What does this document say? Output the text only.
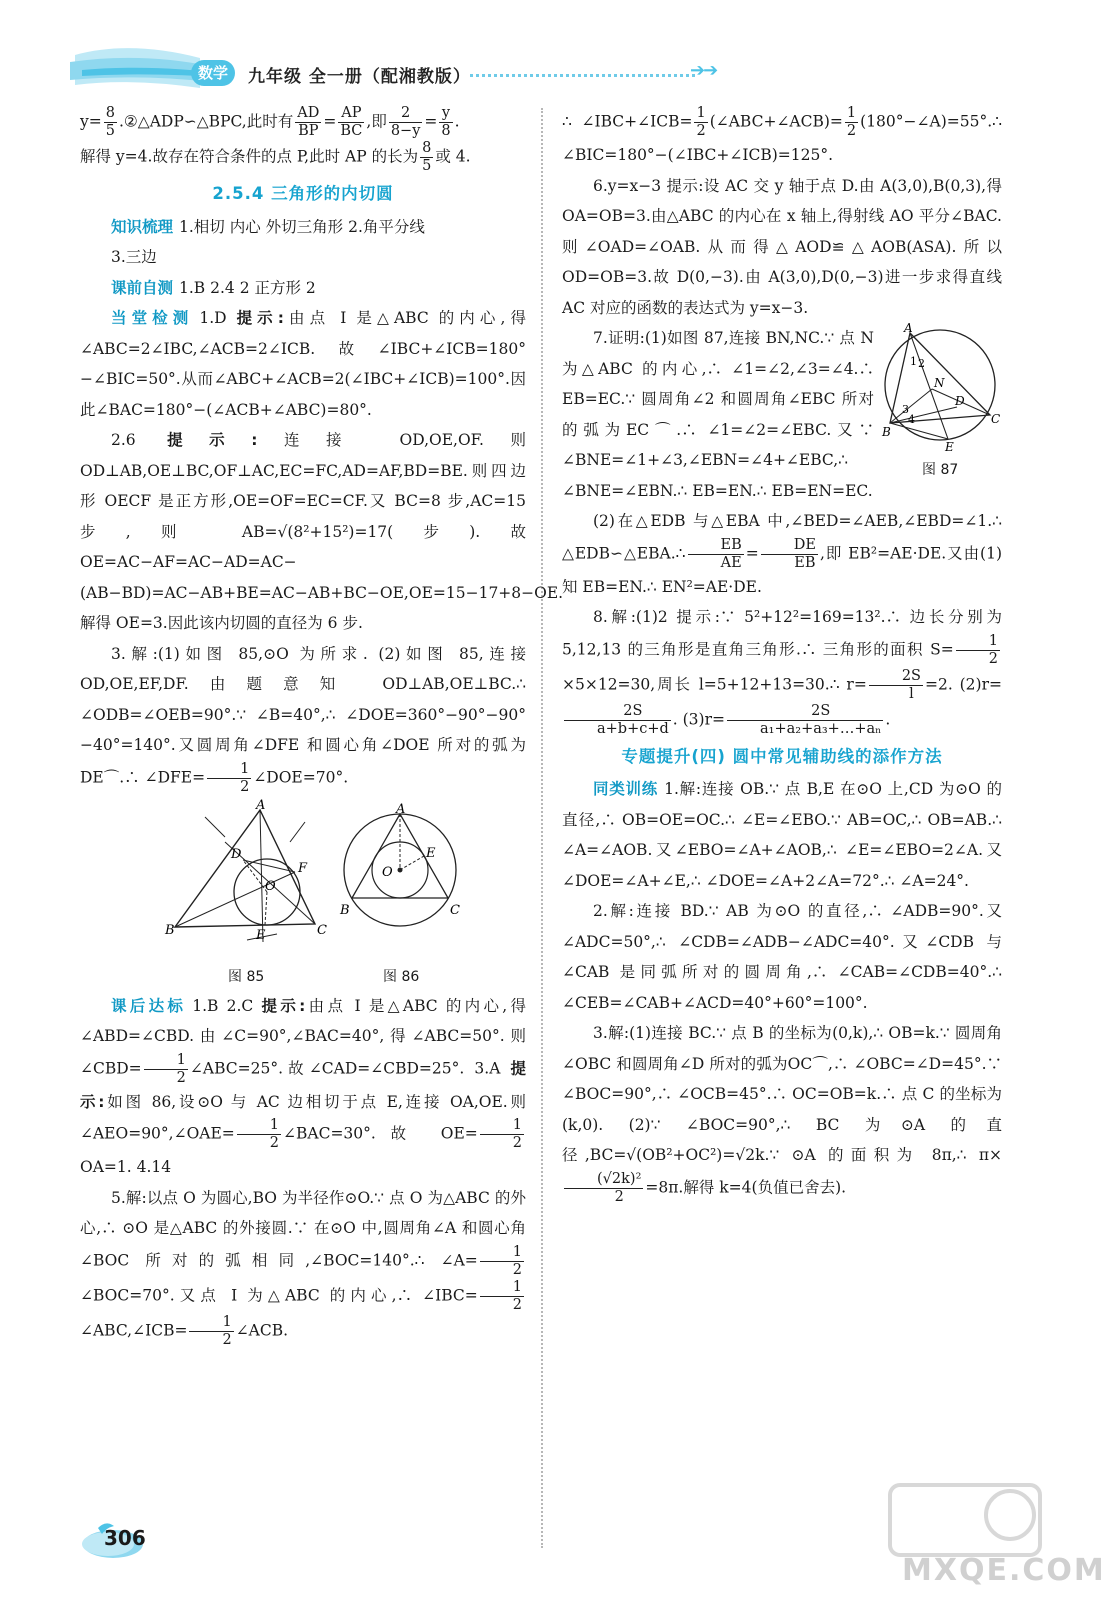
数学	九年级 全一册（配湘教版）	➔➔

$y= \frac{8}{5}$ .②△ADP∽△BPC,此时有 $\frac{AD}{BP} = \frac{AP}{BC}$ ,即 $\frac{2}{8-y} = \frac{y}{8}$ .

解得 y=4.故存在符合条件的点 P,此时 AP 的长为 $\frac{8}{5}$ 或 4.

2.5.4 三角形的内切圆

知识梳理 1.相切 内心 外切三角形 2.角平分线

3.三边

课前自测 1.B 2.4 2 正方形 2

当堂检测 1.D 提示:由点 I 是△ABC 的内心,得∠ABC=2∠IBC,∠ACB=2∠ICB.故∠IBC+∠ICB=180°−∠BIC=50°.从而∠ABC+∠ACB=2(∠IBC+∠ICB)=100°.因此∠BAC=180°−(∠ACB+∠ABC)=80°.

2.6 提示:连接 OD,OE,OF.则 OD⊥AB,OE⊥BC,OF⊥AC,EC=FC,AD=AF,BD=BE.则四边形 OECF 是正方形,OE=OF=EC=CF.又 BC=8 步,AC=15 步,则 AB=√(8²+15²)=17(步).故 OE=AC−AF=AC−AD=AC−(AB−BD)=AC−AB+BE=AC−AB+BC−OE,OE=15−17+8−OE.解得 OE=3.因此该内切圆的直径为 6 步.

3.解:(1)如图 85,⊙O 为所求. (2)如图 85,连接 OD,OE,EF,DF.由题意知 OD⊥AB,OE⊥BC.∴ ∠ODB=∠OEB=90°.∵ ∠B=40°,∴ ∠DOE=360°−90°−90°−40°=140°.又圆周角∠DFE 和圆心角∠DOE 所对的弧为DE⌒.∴ ∠DFE= $\frac{1}{2}$ ∠DOE=70°.

A
B	C
D
E
F
O
A
B	C
E
O
图 85	图 86

课后达标 1.B 2.C 提示:由点 I 是△ABC 的内心,得∠ABD=∠CBD.由∠C=90°,∠BAC=40°,得∠ABC=50°.则∠CBD= $\frac{1}{2}$ ∠ABC=25°.故∠CAD=∠CBD=25°. 3.A 提示:如图 86,设⊙O 与 AC 边相切于点 E,连接 OA,OE.则∠AEO=90°,∠OAE= $\frac{1}{2}$ ∠BAC=30°.故 $OE= \frac{1}{2}$
OA=1. 4.14

5.解:以点 O 为圆心,BO 为半径作⊙O.∵ 点 O 为△ABC 的外心,∴ ⊙O 是△ABC 的外接圆.∵ 在⊙O 中,圆周角∠A 和圆心角∠BOC 所对的弧相同,∠BOC=140°.∴ ∠A= $\frac{1}{2}$
∠BOC=70°.又点 I 为△ABC 的内心,∴ ∠IBC= $\frac{1}{2}$
∠ABC,∠ICB= $\frac{1}{2}$ ∠ACB.

∴ ∠IBC+∠ICB= $\frac{1}{2}$ (∠ABC+∠ACB)= $\frac{1}{2}$ (180°−∠A)=55°.∴ ∠BIC=180°−(∠IBC+∠ICB)=125°.

6.y=x−3 提示:设 AC 交 y 轴于点 D.由 A(3,0),B(0,3),得 OA=OB=3.由△ABC 的内心在 x 轴上,得射线 AO 平分∠BAC.则∠OAD=∠OAB.从而得△AOD≌△AOB(ASA).所以 OD=OB=3.故 D(0,−3).由 A(3,0),D(0,−3)进一步求得直线 AC 对应的函数的表达式为 y=x−3.

A
B
C
D
E
N
1 2
3
4
图 87

7.证明:(1)如图 87,连接 BN,NC.∵ 点 N 为△ABC 的内心,∴ ∠1=∠2,∠3=∠4.∴ EB=EC.∵ 圆周角∠2 和圆周角∠EBC 所对的弧为EC⌒.∴ ∠1=∠2=∠EBC.又∵ ∠BNE=∠1+∠3,∠EBN=∠4+∠EBC,∴ ∠BNE=∠EBN.∴ EB=EN.∴ EB=EN=EC.

(2)在△EDB 与△EBA 中,∠BED=∠AEB,∠EBD=∠1.∴ △EDB∽△EBA.∴ $\frac{EB}{AE} = \frac{DE}{EB}$ ,即 EB²=AE·DE.又由(1)知 EB=EN.∴ EN²=AE·DE.

8.解:(1)2 提示:∵ 5²+12²=169=13².∴ 边长分别为 5,12,13 的三角形是直角三角形.∴ 三角形的面积 $S= \frac{1}{2}$
×5×12=30,周长 l=5+12+13=30.∴ $r= \frac{2S}{l} =2$. (2)r=
$\frac{2S}{a+b+c+d}$ . $(3)r= \frac{2S}{\text{a₁+a₂+a₃+…+aₙ}}$ .

专题提升(四) 圆中常见辅助线的添作方法

同类训练 1.解:连接 OB.∵ 点 B,E 在⊙O 上,CD 为⊙O 的直径,∴ OB=OE=OC.∴ ∠E=∠EBO.∵ AB=OC,∴ OB=AB.∴ ∠A=∠AOB.又∠EBO=∠A+∠AOB,∴ ∠E=∠EBO=2∠A.又∠DOE=∠A+∠E,∴ ∠DOE=∠A+2∠A=72°.∴ ∠A=24°.

2.解:连接 BD.∵ AB 为⊙O 的直径,∴ ∠ADB=90°.又∠ADC=50°,∴ ∠CDB=∠ADB−∠ADC=40°.又∠CDB 与∠CAB 是同弧所对的圆周角,∴ ∠CAB=∠CDB=40°.∴ ∠CEB=∠CAB+∠ACD=40°+60°=100°.

3.解:(1)连接 BC.∵ 点 B 的坐标为(0,k),∴ OB=k.∵ 圆周角∠OBC 和圆周角∠D 所对的弧为OC⌒,∴ ∠OBC=∠D=45°.∵ ∠BOC=90°,∴ ∠OCB=45°.∴ OC=OB=k.∴ 点 C 的坐标为(k,0). (2)∵ ∠BOC=90°,∴ BC 为⊙A 的直径,BC=√(OB²+OC²)=√2k.∵ ⊙A 的面积为 8π,∴ π×
$\frac{\text{(√2k)²}}{2} =8\pi$.解得 k=4(负值已舍去).

306
MXQE.COM
